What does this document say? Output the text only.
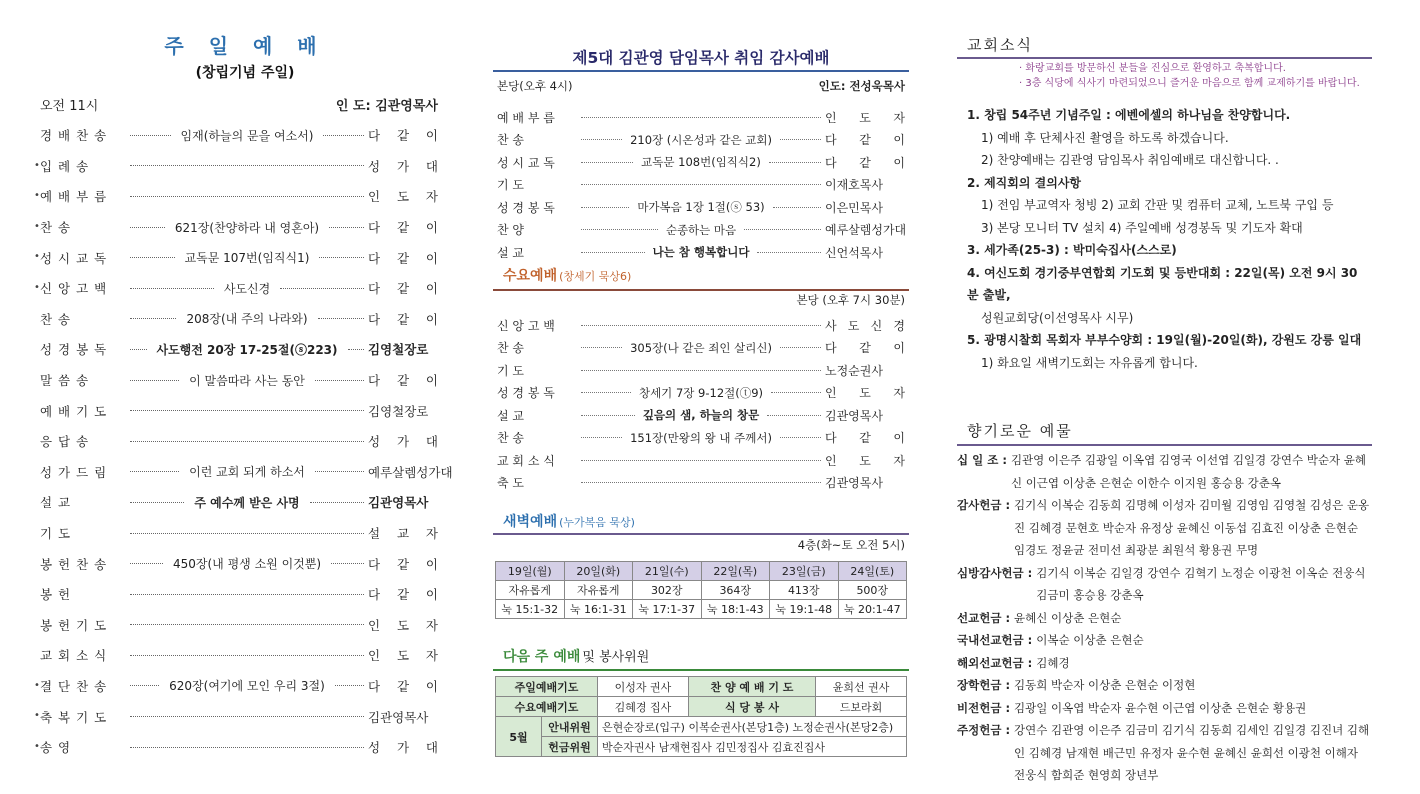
주 일 예 배
(창립기념 주일)
오전 11시	인 도: 김관영목사
경 배 찬 송	임재(하늘의 문을 여소서)	다 같 이
• 입 례 송	성 가 대
• 예 배 부 름	인 도 자
• 찬 송	621장(찬양하라 내 영혼아)	다 같 이
• 성 시 교 독	교독문 107번(임직식1)	다 같 이
• 신 앙 고 백	사도신경	다 같 이
찬 송	208장(내 주의 나라와)	다 같 이
성 경 봉 독	사도행전 20장 17-25절(ⓢ223)	김영철장로
말 씀 송	이 말씀따라 사는 동안	다 같 이
예 배 기 도	김영철장로
응 답 송	성 가 대
성 가 드 림	이런 교회 되게 하소서	예루살렘성가대
설 교	주 예수께 받은 사명	김관영목사
기 도	설 교 자
봉 헌 찬 송	450장(내 평생 소원 이것뿐)	다 같 이
봉 헌	다 같 이
봉 헌 기 도	인 도 자
교 회 소 식	인 도 자
• 결 단 찬 송	620장(여기에 모인 우리 3절)	다 같 이
• 축 복 기 도	김관영목사
• 송 영	성 가 대
제5대 김관영 담임목사 취임 감사예배
본당(오후 4시)	인도: 전성욱목사
예 배 부 름	인 도 자
찬 송	210장 (시온성과 같은 교회)	다 같 이
성 시 교 독	교독문 108번(임직식2)	다 같 이
기 도	이재호목사
성 경 봉 독	마가복음 1장 1절(ⓢ 53)	이은민목사
찬 양	순종하는 마음	예루살렘성가대
설 교	나는 참 행복합니다	신언석목사
수요예배 (창세기 묵상6)
본당 (오후 7시 30분)
신 앙 고 백	사 도 신 경
찬 송	305장(나 같은 죄인 살리신)	다 같 이
기 도	노정순권사
성 경 봉 독	창세기 7장 9-12절(ⓣ9)	인 도 자
설 교	깊음의 샘, 하늘의 창문	김관영목사
찬 송	151장(만왕의 왕 내 주께서)	다 같 이
교 회 소 식	인 도 자
축 도	김관영목사
새벽예배 (누가복음 묵상)
4층(화~토 오전 5시)
19일(월)	20일(화)	21일(수)	22일(목)	23일(금)	24일(토)
자유롭게	자유롭게	302장	364장	413장	500장
눅 15:1-32	눅 16:1-31	눅 17:1-37	눅 18:1-43	눅 19:1-48	눅 20:1-47
다음 주 예배 및 봉사위원
주일예배기도		이성자 권사	찬 양 예 배 기 도	윤희선 권사
수요예배기도		김혜경 집사	식 당 봉 사	드보라회
5월	안내위원	은현순장로(입구) 이복순권사(본당1층) 노정순권사(본당2층)		
	헌금위원	박순자권사 남재현집사 김민정집사 김효진집사		
교회소식
· 화랑교회를 방문하신 분들을 진심으로 환영하고 축복합니다.
· 3층 식당에 식사기 마련되었으니 즐거운 마음으로 함께 교제하기를 바랍니다.
1. 창립 54주년 기념주일 : 에벤에셀의 하나님을 찬양합니다.
1) 예배 후 단체사진 촬영을 하도록 하겠습니다.
2) 찬양예배는 김관영 담임목사 취임예배로 대신합니다. .
2. 제직회의 결의사항
1) 전임 부교역자 청빙 2) 교회 간판 및 컴퓨터 교체, 노트북 구입 등
3) 본당 모니터 TV 설치 4) 주일예배 성경봉독 및 기도자 확대
3. 세가족(25-3) : 박미숙집사(스스로)
4. 여신도회 경기중부연합회 기도회 및 등반대회 : 22일(목) 오전 9시 30분 출발,
성원교회당(이선영목사 시무)
5. 광명시찰회 목회자 부부수양회 : 19일(월)-20일(화), 강원도 강릉 일대
1) 화요일 새벽기도회는 자유롭게 합니다.
향기로운 예물
십 일 조 : 김관영 이은주 김광일 이옥엽 김영국 이선엽 김일경 강연수 박순자 윤혜신 이근엽 이상춘 은현순 이한수 이지원 홍승용 강춘옥
감사헌금 : 김기식 이복순 김동희 김명혜 이성자 김미월 김영임 김영철 김성은 운옹진 김혜경 문현호 박순자 유정상 윤혜신 이동섭 김효진 이상춘 은현순 임경도 정윤균 전미선 최광분 최원석 황용권 무명
심방감사헌금 : 김기식 이복순 김일경 강연수 김혁기 노정순 이광천 이옥순 전웅식 김금미 홍승용 강춘옥
선교헌금 : 윤혜신 이상춘 은현순
국내선교헌금 : 이복순 이상춘 은현순
해외선교헌금 : 김혜경
장학헌금 : 김동희 박순자 이상춘 은현순 이정현
비전헌금 : 김광일 이옥엽 박순자 윤수현 이근엽 이상춘 은현순 황용권
주정헌금 : 강연수 김관영 이은주 김금미 김기식 김동희 김세인 김일경 김진녀 김해인 김혜경 남재현 배근민 유정자 윤수현 윤혜신 윤희선 이광천 이해자 전웅식 함희준 현영희 장년부
